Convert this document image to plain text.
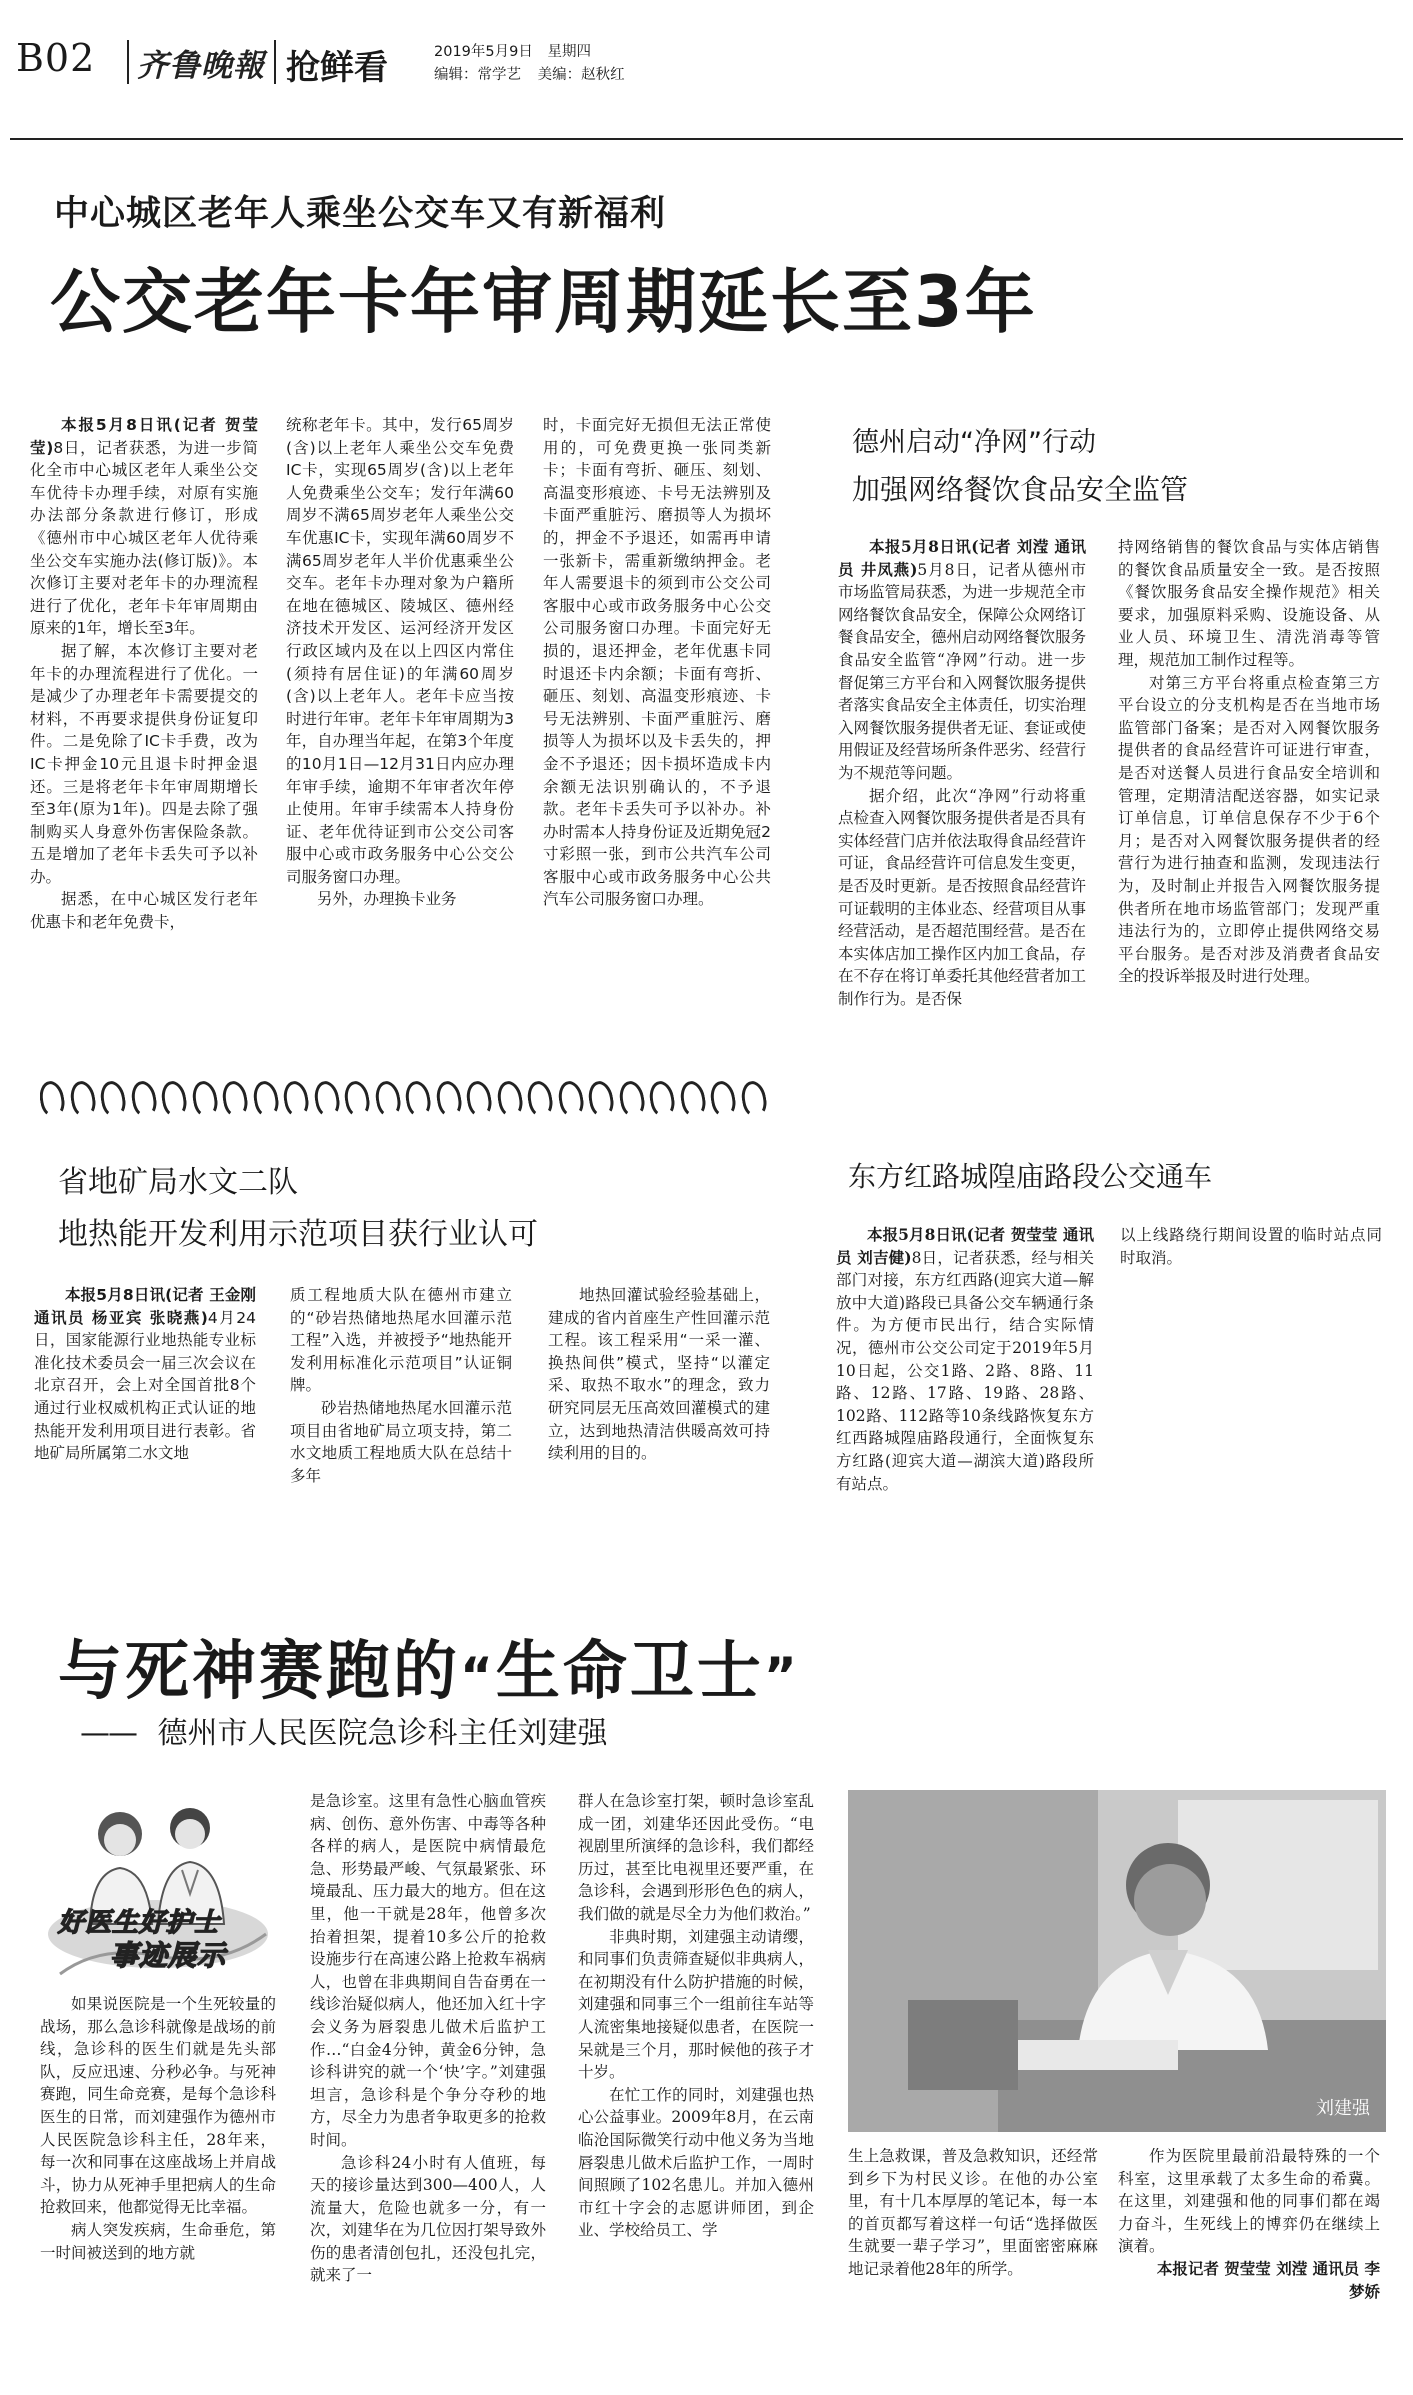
B02 齐鲁晚報 抢鲜看	2019年5月9日 星期四
编辑：常学艺 美编：赵秋红
中心城区老年人乘坐公交车又有新福利
公交老年卡年审周期延长至3年

本报5月8日讯(记者 贺莹莹)8日，记者获悉，为进一步简化全市中心城区老年人乘坐公交车优待卡办理手续，对原有实施办法部分条款进行修订，形成《德州市中心城区老年人优待乘坐公交车实施办法(修订版)》。本次修订主要对老年卡的办理流程进行了优化，老年卡年审周期由原来的1年，增长至3年。

据了解，本次修订主要对老年卡的办理流程进行了优化。一是减少了办理老年卡需要提交的材料，不再要求提供身份证复印件。二是免除了IC卡手费，改为IC卡押金10元且退卡时押金退还。三是将老年卡年审周期增长至3年(原为1年)。四是去除了强制购买人身意外伤害保险条款。五是增加了老年卡丢失可予以补办。

据悉，在中心城区发行老年优惠卡和老年免费卡，

统称老年卡。其中，发行65周岁(含)以上老年人乘坐公交车免费IC卡，实现65周岁(含)以上老年人免费乘坐公交车；发行年满60周岁不满65周岁老年人乘坐公交车优惠IC卡，实现年满60周岁不满65周岁老年人半价优惠乘坐公交车。老年卡办理对象为户籍所在地在德城区、陵城区、德州经济技术开发区、运河经济开发区行政区域内及在以上四区内常住(须持有居住证)的年满60周岁(含)以上老年人。老年卡应当按时进行年审。老年卡年审周期为3年，自办理当年起，在第3个年度的10月1日—12月31日内应办理年审手续，逾期不年审者次年停止使用。年审手续需本人持身份证、老年优待证到市公交公司客服中心或市政务服务中心公交公司服务窗口办理。

另外，办理换卡业务

时，卡面完好无损但无法正常使用的，可免费更换一张同类新卡；卡面有弯折、砸压、刻划、高温变形痕迹、卡号无法辨别及卡面严重脏污、磨损等人为损坏的，押金不予退还，如需再申请一张新卡，需重新缴纳押金。老年人需要退卡的须到市公交公司客服中心或市政务服务中心公交公司服务窗口办理。卡面完好无损的，退还押金，老年优惠卡同时退还卡内余额；卡面有弯折、砸压、刻划、高温变形痕迹、卡号无法辨别、卡面严重脏污、磨损等人为损坏以及卡丢失的，押金不予退还；因卡损坏造成卡内余额无法识别确认的，不予退款。老年卡丢失可予以补办。补办时需本人持身份证及近期免冠2寸彩照一张，到市公共汽车公司客服中心或市政务服务中心公共汽车公司服务窗口办理。

德州启动“净网”行动
加强网络餐饮食品安全监管

本报5月8日讯(记者 刘滢 通讯员 井凤燕)5月8日，记者从德州市市场监管局获悉，为进一步规范全市网络餐饮食品安全，保障公众网络订餐食品安全，德州启动网络餐饮服务食品安全监管“净网”行动。进一步督促第三方平台和入网餐饮服务提供者落实食品安全主体责任，切实治理入网餐饮服务提供者无证、套证或使用假证及经营场所条件恶劣、经营行为不规范等问题。

据介绍，此次“净网”行动将重点检查入网餐饮服务提供者是否具有实体经营门店并依法取得食品经营许可证，食品经营许可信息发生变更，是否及时更新。是否按照食品经营许可证载明的主体业态、经营项目从事经营活动，是否超范围经营。是否在本实体店加工操作区内加工食品，存在不存在将订单委托其他经营者加工制作行为。是否保

持网络销售的餐饮食品与实体店销售的餐饮食品质量安全一致。是否按照《餐饮服务食品安全操作规范》相关要求，加强原料采购、设施设备、从业人员、环境卫生、清洗消毒等管理，规范加工制作过程等。

对第三方平台将重点检查第三方平台设立的分支机构是否在当地市场监管部门备案；是否对入网餐饮服务提供者的食品经营许可证进行审查，是否对送餐人员进行食品安全培训和管理，定期清洁配送容器，如实记录订单信息，订单信息保存不少于6个月；是否对入网餐饮服务提供者的经营行为进行抽查和监测，发现违法行为，及时制止并报告入网餐饮服务提供者所在地市场监管部门；发现严重违法行为的，立即停止提供网络交易平台服务。是否对涉及消费者食品安全的投诉举报及时进行处理。

省地矿局水文二队
地热能开发利用示范项目获行业认可

本报5月8日讯(记者 王金刚 通讯员 杨亚宾 张晓燕)4月24日，国家能源行业地热能专业标准化技术委员会一届三次会议在北京召开，会上对全国首批8个通过行业权威机构正式认证的地热能开发利用项目进行表彰。省地矿局所属第二水文地

质工程地质大队在德州市建立的“砂岩热储地热尾水回灌示范工程”入选，并被授予“地热能开发利用标准化示范项目”认证铜牌。

砂岩热储地热尾水回灌示范项目由省地矿局立项支持，第二水文地质工程地质大队在总结十多年

地热回灌试验经验基础上，建成的省内首座生产性回灌示范工程。该工程采用“一采一灌、换热间供”模式，坚持“以灌定采、取热不取水”的理念，致力研究同层无压高效回灌模式的建立，达到地热清洁供暖高效可持续利用的目的。

东方红路城隍庙路段公交通车

本报5月8日讯(记者 贺莹莹 通讯员 刘吉健)8日，记者获悉，经与相关部门对接，东方红西路(迎宾大道—解放中大道)路段已具备公交车辆通行条件。为方便市民出行，结合实际情况，德州市公交公司定于2019年5月10日起，公交1路、2路、8路、11路、12路、17路、19路、28路、102路、112路等10条线路恢复东方红西路城隍庙路段通行，全面恢复东方红路(迎宾大道—湖滨大道)路段所有站点。

以上线路绕行期间设置的临时站点同时取消。

与死神赛跑的“生命卫士”
—— 德州市人民医院急诊科主任刘建强
好医生好护士
事迹展示

如果说医院是一个生死较量的战场，那么急诊科就像是战场的前线，急诊科的医生们就是先头部队，反应迅速、分秒必争。与死神赛跑，同生命竞赛，是每个急诊科医生的日常，而刘建强作为德州市人民医院急诊科主任，28年来，每一次和同事在这座战场上并肩战斗，协力从死神手里把病人的生命抢救回来，他都觉得无比幸福。

病人突发疾病，生命垂危，第一时间被送到的地方就

是急诊室。这里有急性心脑血管疾病、创伤、意外伤害、中毒等各种各样的病人，是医院中病情最危急、形势最严峻、气氛最紧张、环境最乱、压力最大的地方。但在这里，他一干就是28年，他曾多次抬着担架，提着10多公斤的抢救设施步行在高速公路上抢救车祸病人，也曾在非典期间自告奋勇在一线诊治疑似病人，他还加入红十字会义务为唇裂患儿做术后监护工作…“白金4分钟，黄金6分钟，急诊科讲究的就一个‘快’字。”刘建强坦言，急诊科是个争分夺秒的地方，尽全力为患者争取更多的抢救时间。

急诊科24小时有人值班，每天的接诊量达到300—400人，人流量大，危险也就多一分，有一次，刘建华在为几位因打架导致外伤的患者清创包扎，还没包扎完，就来了一

群人在急诊室打架，顿时急诊室乱成一团，刘建华还因此受伤。“电视剧里所演绎的急诊科，我们都经历过，甚至比电视里还要严重，在急诊科，会遇到形形色色的病人，我们做的就是尽全力为他们救治。”

非典时期，刘建强主动请缨，和同事们负责筛查疑似非典病人，在初期没有什么防护措施的时候，刘建强和同事三个一组前往车站等人流密集地接疑似患者，在医院一呆就是三个月，那时候他的孩子才十岁。

在忙工作的同时，刘建强也热心公益事业。2009年8月，在云南临沧国际微笑行动中他义务为当地唇裂患儿做术后监护工作，一周时间照顾了102名患儿。并加入德州市红十字会的志愿讲师团，到企业、学校给员工、学

刘建强

生上急救课，普及急救知识，还经常到乡下为村民义诊。在他的办公室里，有十几本厚厚的笔记本，每一本的首页都写着这样一句话“选择做医生就要一辈子学习”，里面密密麻麻地记录着他28年的所学。

作为医院里最前沿最特殊的一个科室，这里承载了太多生命的希冀。在这里，刘建强和他的同事们都在竭力奋斗，生死线上的博弈仍在继续上演着。

本报记者 贺莹莹 刘滢 通讯员 李梦娇
